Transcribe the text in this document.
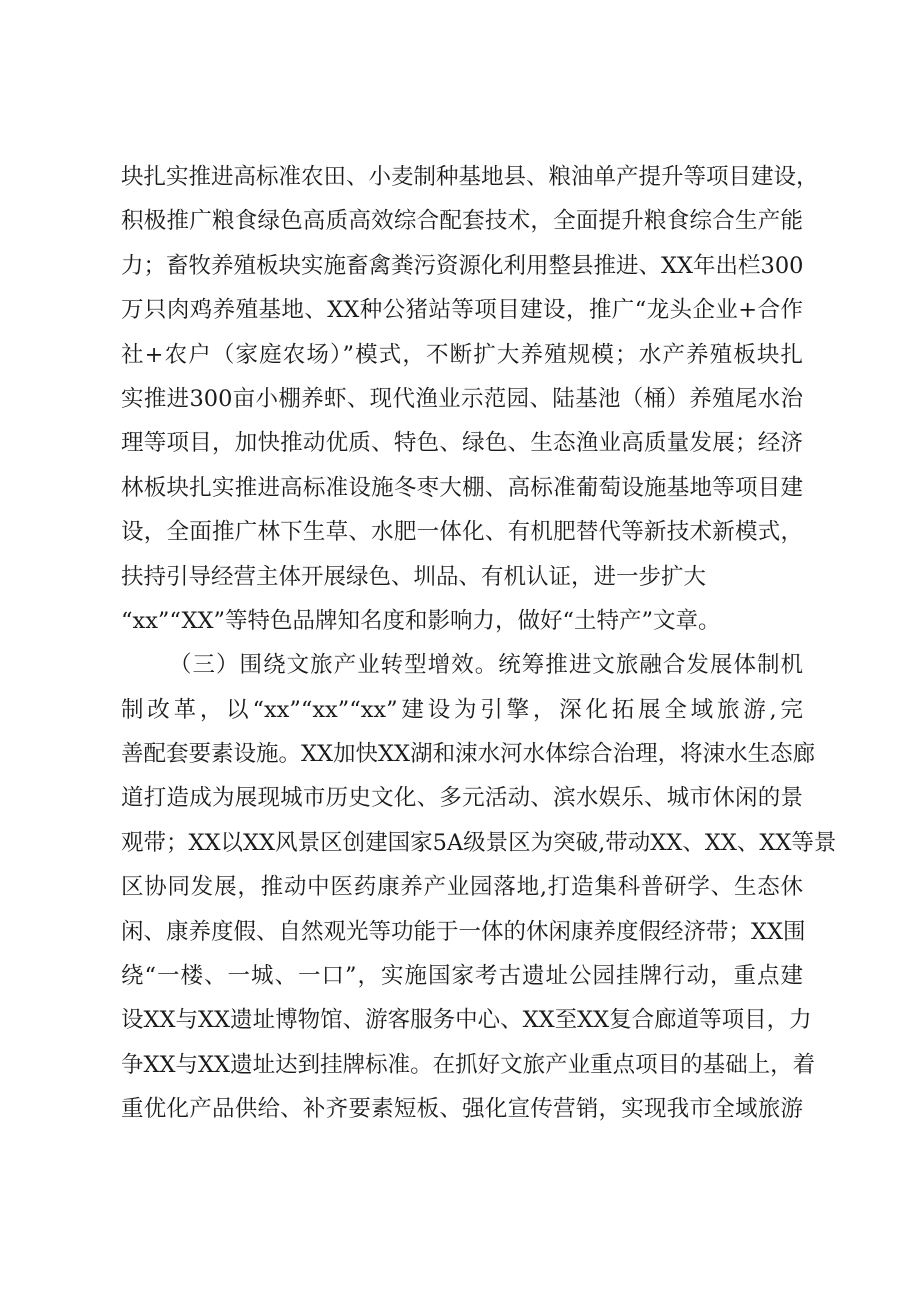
块扎实推进高标准农田、小麦制种基地县、粮油单产提升等项目建设，
积极推广粮食绿色高质高效综合配套技术，全面提升粮食综合生产能
力；畜牧养殖板块实施畜禽粪污资源化利用整县推进、XX年出栏300
万只肉鸡养殖基地、XX种公猪站等项目建设，推广“龙头企业+合作
社+农户（家庭农场）”模式，不断扩大养殖规模；水产养殖板块扎
实推进300亩小棚养虾、现代渔业示范园、陆基池（桶）养殖尾水治
理等项目，加快推动优质、特色、绿色、生态渔业高质量发展；经济
林板块扎实推进高标准设施冬枣大棚、高标准葡萄设施基地等项目建
设，全面推广林下生草、水肥一体化、有机肥替代等新技术新模式，
扶持引导经营主体开展绿色、圳品、有机认证，进一步扩大
“xx”“XX”等特色品牌知名度和影响力，做好“土特产”文章。
（三）围绕文旅产业转型增效。统筹推进文旅融合发展体制机
制改革，以“xx”“xx”“xx”建设为引擎，深化拓展全域旅游,完
善配套要素设施。XX加快XX湖和涑水河水体综合治理，将涑水生态廊
道打造成为展现城市历史文化、多元活动、滨水娱乐、城市休闲的景
观带；XX以XX风景区创建国家5A级景区为突破,带动XX、XX、XX等景
区协同发展，推动中医药康养产业园落地,打造集科普研学、生态休
闲、康养度假、自然观光等功能于一体的休闲康养度假经济带；XX围
绕“一楼、一城、一口”，实施国家考古遗址公园挂牌行动，重点建
设XX与XX遗址博物馆、游客服务中心、XX至XX复合廊道等项目，力
争XX与XX遗址达到挂牌标准。在抓好文旅产业重点项目的基础上，着
重优化产品供给、补齐要素短板、强化宣传营销，实现我市全域旅游
